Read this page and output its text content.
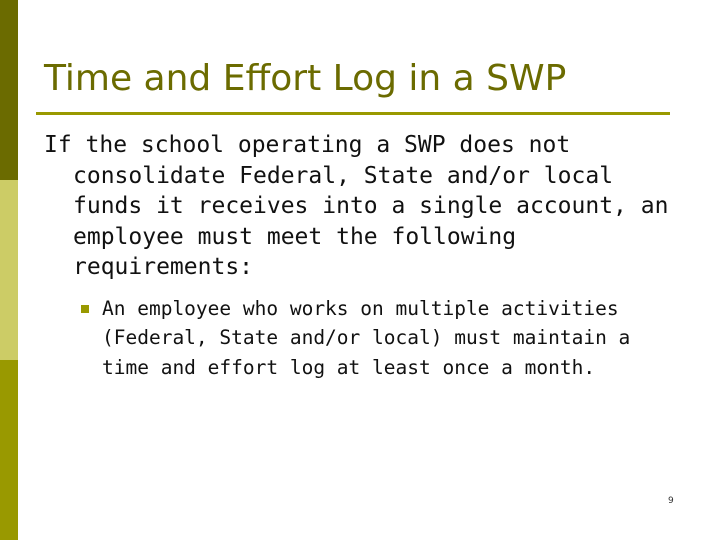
Time and Effort Log in a SWP

If the school operating a SWP does not consolidate Federal, State and/or local funds it receives into a single account, an employee must meet the following requirements:

An employee who works on multiple activities (Federal, State and/or local) must maintain a time and effort log at least once a month.

9
